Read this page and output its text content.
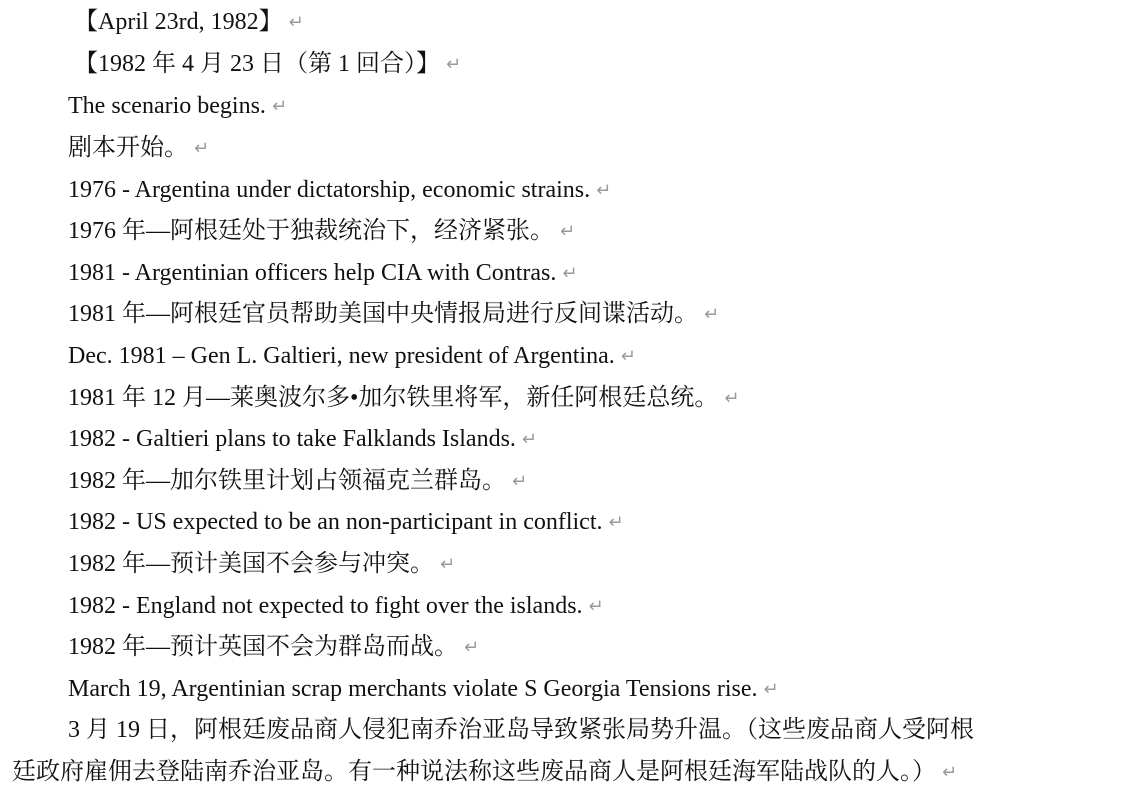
【April 23rd, 1982】 ↵
【1982 年 4 月 23 日（第 1 回合）】 ↵
The scenario begins. ↵
剧本开始。 ↵
1976 - Argentina under dictatorship, economic strains. ↵
1976 年—阿根廷处于独裁统治下，经济紧张。 ↵
1981 - Argentinian officers help CIA with Contras. ↵
1981 年—阿根廷官员帮助美国中央情报局进行反间谍活动。 ↵
Dec. 1981 – Gen L. Galtieri, new president of Argentina. ↵
1981 年 12 月—莱奥波尔多•加尔铁里将军，新任阿根廷总统。 ↵
1982 - Galtieri plans to take Falklands Islands. ↵
1982 年—加尔铁里计划占领福克兰群岛。 ↵
1982 - US expected to be an non-participant in conflict. ↵
1982 年—预计美国不会参与冲突。 ↵
1982 - England not expected to fight over the islands. ↵
1982 年—预计英国不会为群岛而战。 ↵
March 19, Argentinian scrap merchants violate S Georgia Tensions rise. ↵
3 月 19 日，阿根廷废品商人侵犯南乔治亚岛导致紧张局势升温。（这些废品商人受阿根
廷政府雇佣去登陆南乔治亚岛。有一种说法称这些废品商人是阿根廷海军陆战队的人。） ↵
